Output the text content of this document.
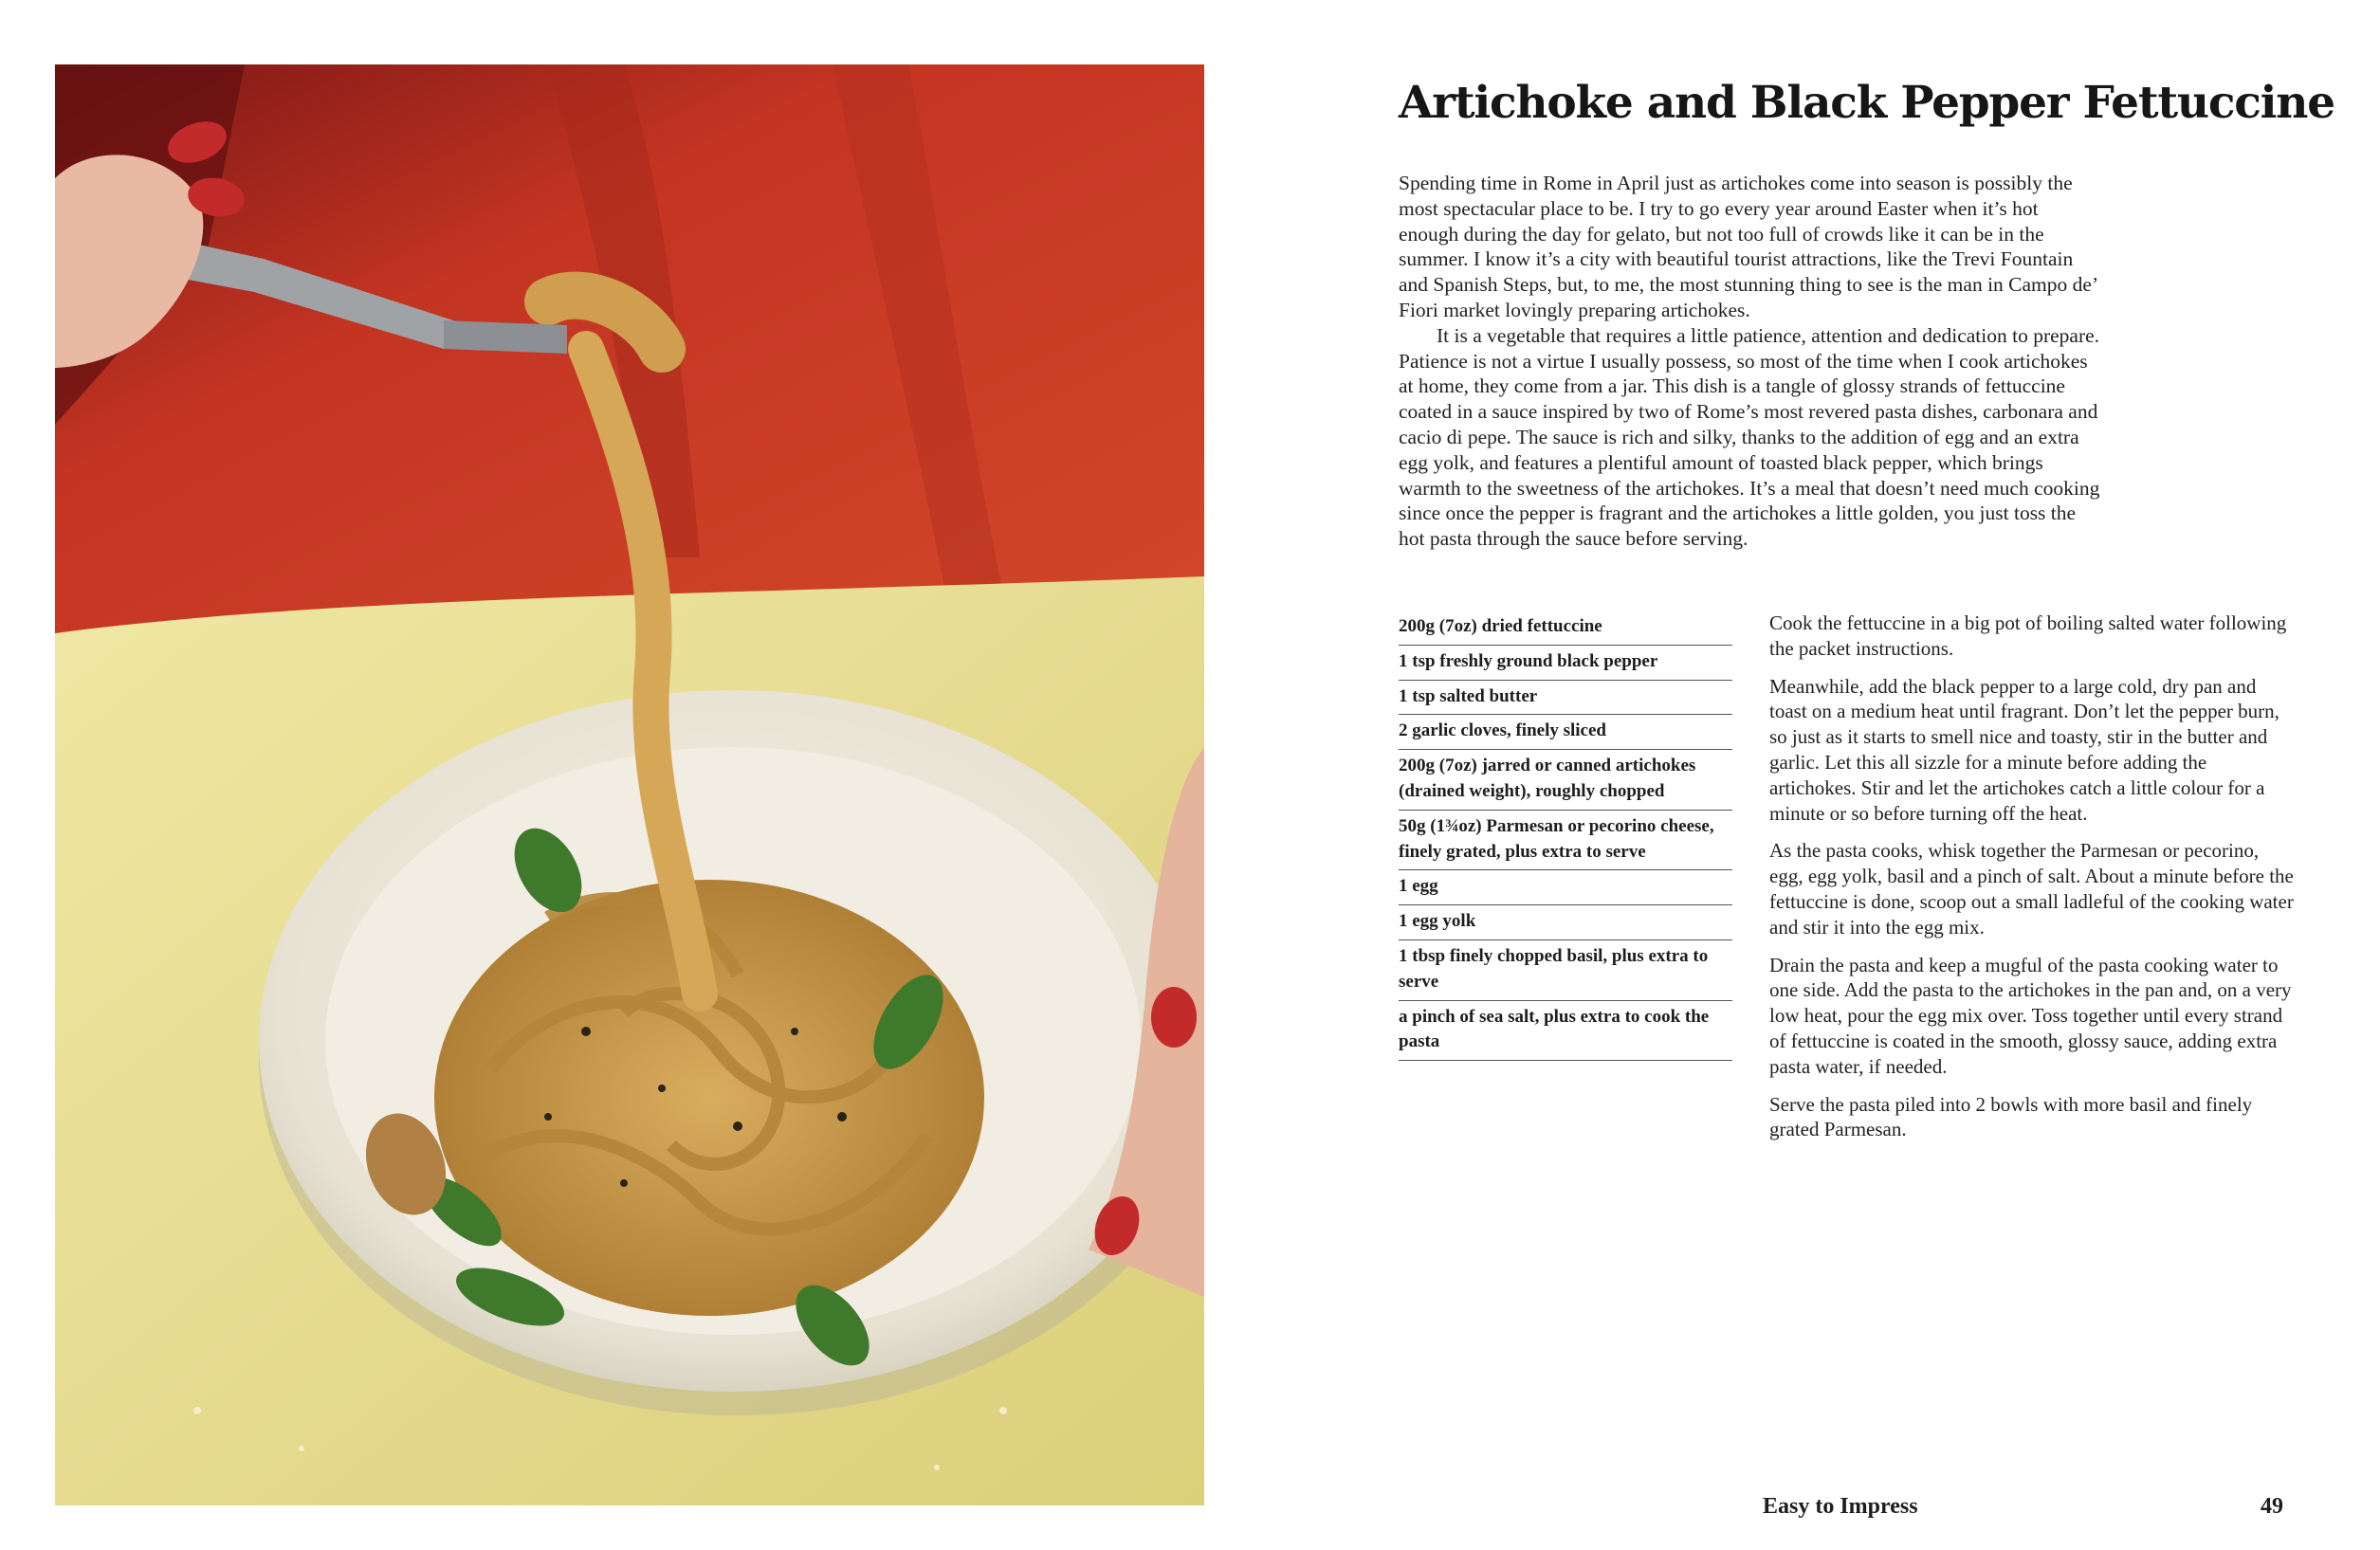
Artichoke and Black Pepper Fettuccine

Spending time in Rome in April just as artichokes come into season is possibly the most spectacular place to be. I try to go every year around Easter when it’s hot enough during the day for gelato, but not too full of crowds like it can be in the summer. I know it’s a city with beautiful tourist attractions, like the Trevi Fountain and Spanish Steps, but, to me, the most stunning thing to see is the man in Campo de’ Fiori market lovingly preparing artichokes.

It is a vegetable that requires a little patience, attention and dedication to prepare. Patience is not a virtue I usually possess, so most of the time when I cook artichokes at home, they come from a jar. This dish is a tangle of glossy strands of fettuccine coated in a sauce inspired by two of Rome’s most revered pasta dishes, carbonara and cacio di pepe. The sauce is rich and silky, thanks to the addition of egg and an extra egg yolk, and features a plentiful amount of toasted black pepper, which brings warmth to the sweetness of the artichokes. It’s a meal that doesn’t need much cooking since once the pepper is fragrant and the artichokes a little golden, you just toss the hot pasta through the sauce before serving.

200g (7oz) dried fettuccine
1 tsp freshly ground black pepper
1 tsp salted butter
2 garlic cloves, finely sliced
200g (7oz) jarred or canned artichokes (drained weight), roughly chopped
50g (1¾oz) Parmesan or pecorino cheese, finely grated, plus extra to serve
1 egg
1 egg yolk
1 tbsp finely chopped basil, plus extra to serve
a pinch of sea salt, plus extra to cook the pasta

Cook the fettuccine in a big pot of boiling salted water following the packet instructions.

Meanwhile, add the black pepper to a large cold, dry pan and toast on a medium heat until fragrant. Don’t let the pepper burn, so just as it starts to smell nice and toasty, stir in the butter and garlic. Let this all sizzle for a minute before adding the artichokes. Stir and let the artichokes catch a little colour for a minute or so before turning off the heat.

As the pasta cooks, whisk together the Parmesan or pecorino, egg, egg yolk, basil and a pinch of salt. About a minute before the fettuccine is done, scoop out a small ladleful of the cooking water and stir it into the egg mix.

Drain the pasta and keep a mugful of the pasta cooking water to one side. Add the pasta to the artichokes in the pan and, on a very low heat, pour the egg mix over. Toss together until every strand of fettuccine is coated in the smooth, glossy sauce, adding extra pasta water, if needed.

Serve the pasta piled into 2 bowls with more basil and finely grated Parmesan.

Easy to Impress	49
